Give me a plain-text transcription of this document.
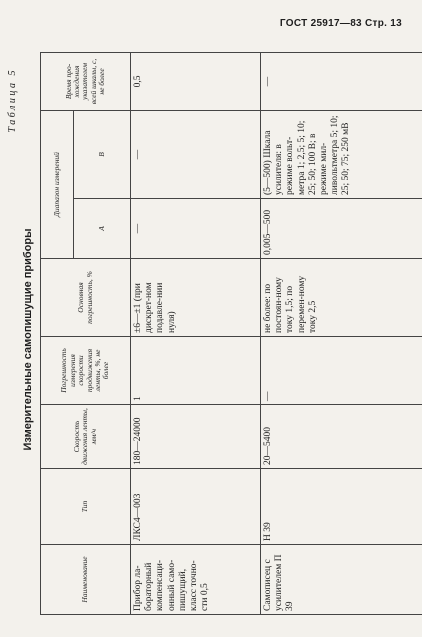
ГОСТ 25917—83 Стр. 13
Таблица 5
Измерительные самопишущие приборы
Наименование	Тип	Скорость движения ленты, мм/ч	Погрешность измерения скорости продвижения ленты, %, не более	Основная погрешность, %	Диапазон измерений		Время про-хождения указателем всей шкалы, с, не более
					А	В	
Прибор ла-бораторный компенсаци-онный само-пишущий, класс точно-сти 0,5	ЛКС4—003	180—24000	1	±6—±1 (при дискрет-ном подавле-нии нуля)	—	—	0,5
Самописец с усилителем П 39	Н 39	20—5400	—	не более: по постоян-ному току 1,5; по перемен-ному току 2,5	0,005—500	(5—500) Шкала усилителя: в режиме вольт-метра 1; 2,5; 5; 10; 25; 50; 100 В; в режиме мил-ливольтметра 5; 10; 25; 50; 75; 250 мВ	—
